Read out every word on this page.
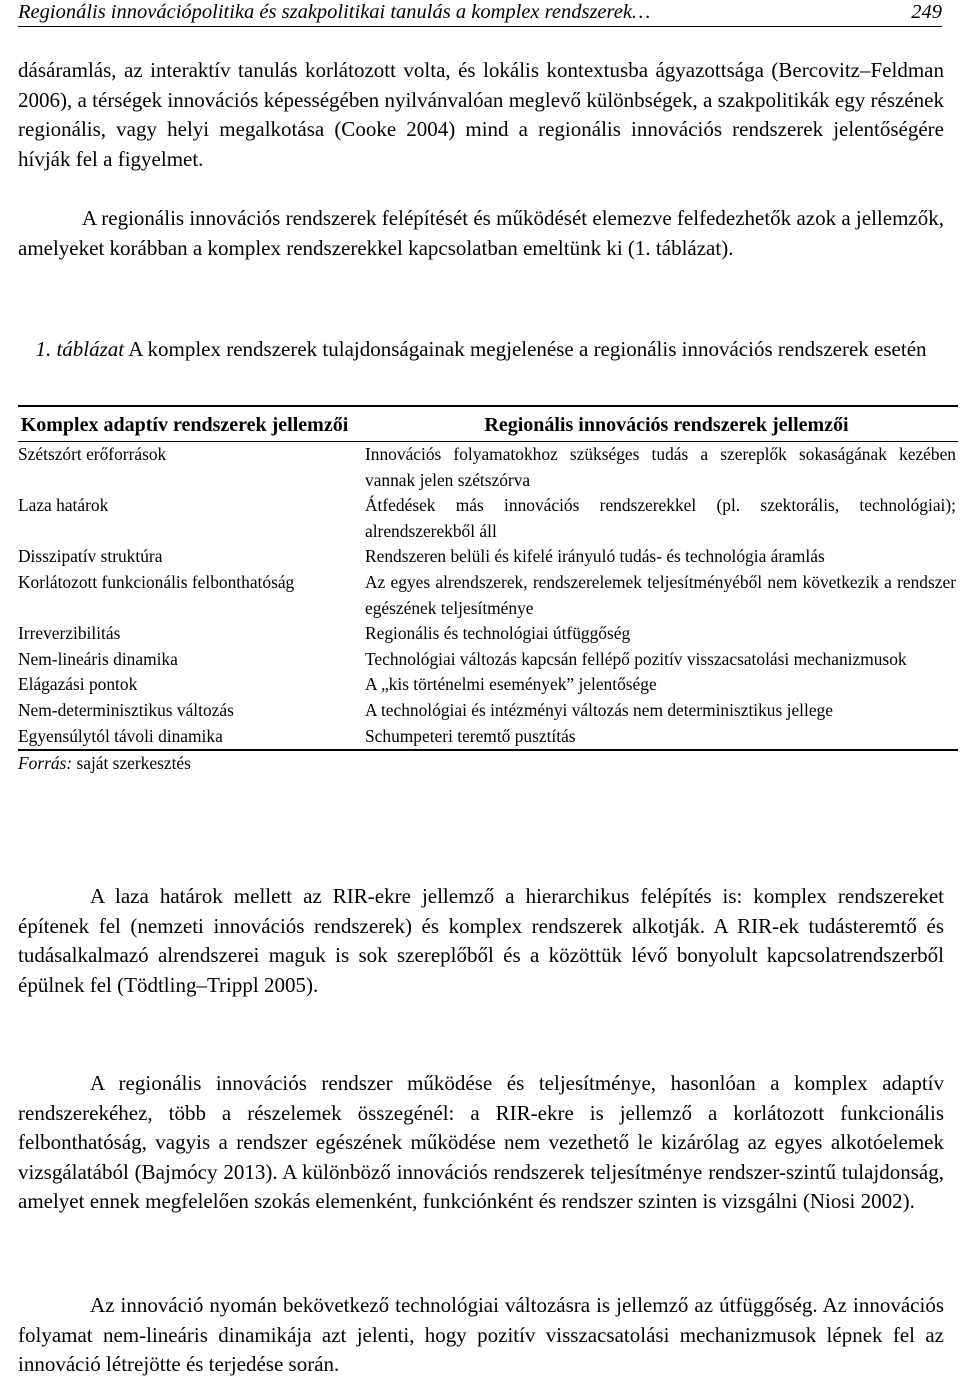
Regionális innovációpolitika és szakpolitikai tanulás a komplex rendszerek…	249

dásáramlás, az interaktív tanulás korlátozott volta, és lokális kontextusba ágyazottsága (Bercovitz–Feldman 2006), a térségek innovációs képességében nyilvánvalóan meglevő különbségek, a szakpolitikák egy részének regionális, vagy helyi megalkotása (Cooke 2004) mind a regionális innovációs rendszerek jelentőségére hívják fel a figyelmet.

A regionális innovációs rendszerek felépítését és működését elemezve felfedezhetők azok a jellemzők, amelyeket korábban a komplex rendszerekkel kapcsolatban emeltünk ki (1. táblázat).

1. táblázat A komplex rendszerek tulajdonságainak megjelenése a regionális innovációs rendszerek esetén
Komplex adaptív rendszerek jellemzői	Regionális innovációs rendszerek jellemzői
Szétszórt erőforrások	Innovációs folyamatokhoz szükséges tudás a szereplők sokaságának kezében vannak jelen szétszórva
Laza határok	Átfedések más innovációs rendszerekkel (pl. szektorális, technológiai); alrendszerekből áll
Disszipatív struktúra	Rendszeren belüli és kifelé irányuló tudás- és technológia áramlás
Korlátozott funkcionális felbonthatóság	Az egyes alrendszerek, rendszerelemek teljesítményéből nem következik a rendszer egészének teljesítménye
Irreverzibilitás	Regionális és technológiai útfüggőség
Nem-lineáris dinamika	Technológiai változás kapcsán fellépő pozitív visszacsatolási mechanizmusok
Elágazási pontok	A „kis történelmi események” jelentősége
Nem-determinisztikus változás	A technológiai és intézményi változás nem determinisztikus jellege
Egyensúlytól távoli dinamika	Schumpeteri teremtő pusztítás
Forrás: saját szerkesztés

A laza határok mellett az RIR-ekre jellemző a hierarchikus felépítés is: komplex rendszereket építenek fel (nemzeti innovációs rendszerek) és komplex rendszerek alkotják. A RIR-ek tudásteremtő és tudásalkalmazó alrendszerei maguk is sok szereplőből és a közöttük lévő bonyolult kapcsolatrendszerből épülnek fel (Tödtling–Trippl 2005).

A regionális innovációs rendszer működése és teljesítménye, hasonlóan a komplex adaptív rendszerekéhez, több a részelemek összegénél: a RIR-ekre is jellemző a korlátozott funkcionális felbonthatóság, vagyis a rendszer egészének működése nem vezethető le kizárólag az egyes alkotóelemek vizsgálatából (Bajmócy 2013). A különböző innovációs rendszerek teljesítménye rendszer-szintű tulajdonság, amelyet ennek megfelelően szokás elemenként, funkciónként és rendszer szinten is vizsgálni (Niosi 2002).

Az innováció nyomán bekövetkező technológiai változásra is jellemző az útfüggőség. Az innovációs folyamat nem-lineáris dinamikája azt jelenti, hogy pozitív visszacsatolási mechanizmusok lépnek fel az innováció létrejötte és terjedése során.
